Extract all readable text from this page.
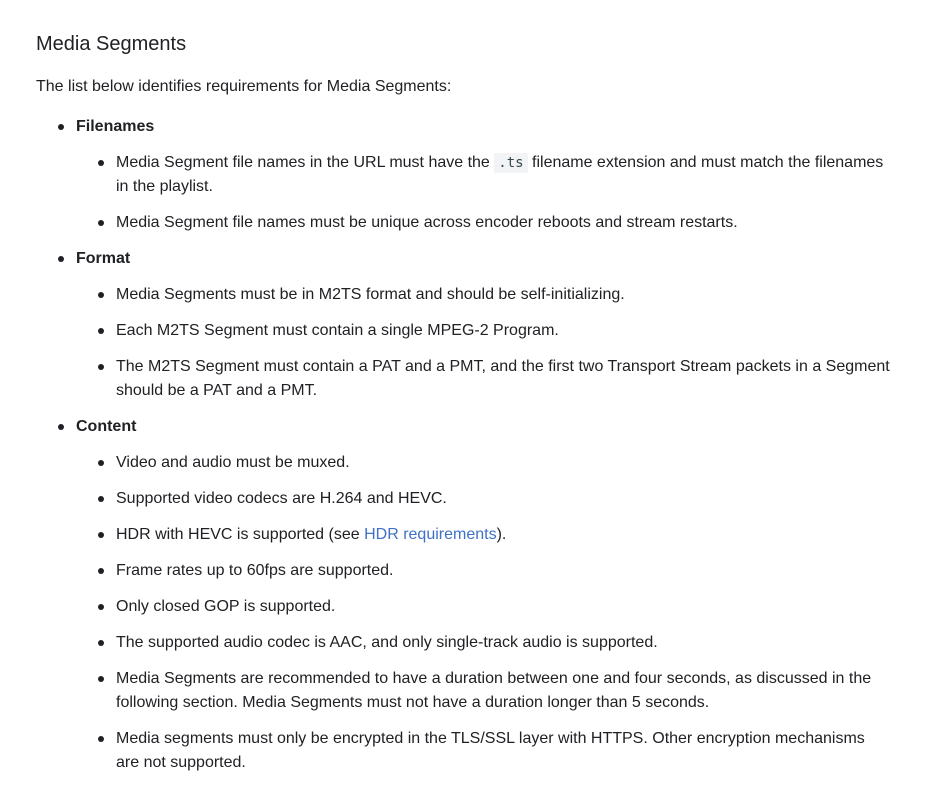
Media Segments

The list below identifies requirements for Media Segments:

Filenames
Media Segment file names in the URL must have the .ts filename extension and must match the filenames in the playlist.
Media Segment file names must be unique across encoder reboots and stream restarts.
Format
Media Segments must be in M2TS format and should be self-initializing.
Each M2TS Segment must contain a single MPEG-2 Program.
The M2TS Segment must contain a PAT and a PMT, and the first two Transport Stream packets in a Segment should be a PAT and a PMT.
Content
Video and audio must be muxed.
Supported video codecs are H.264 and HEVC.
HDR with HEVC is supported (see HDR requirements).
Frame rates up to 60fps are supported.
Only closed GOP is supported.
The supported audio codec is AAC, and only single-track audio is supported.
Media Segments are recommended to have a duration between one and four seconds, as discussed in the following section. Media Segments must not have a duration longer than 5 seconds.
Media segments must only be encrypted in the TLS/SSL layer with HTTPS. Other encryption mechanisms are not supported.
